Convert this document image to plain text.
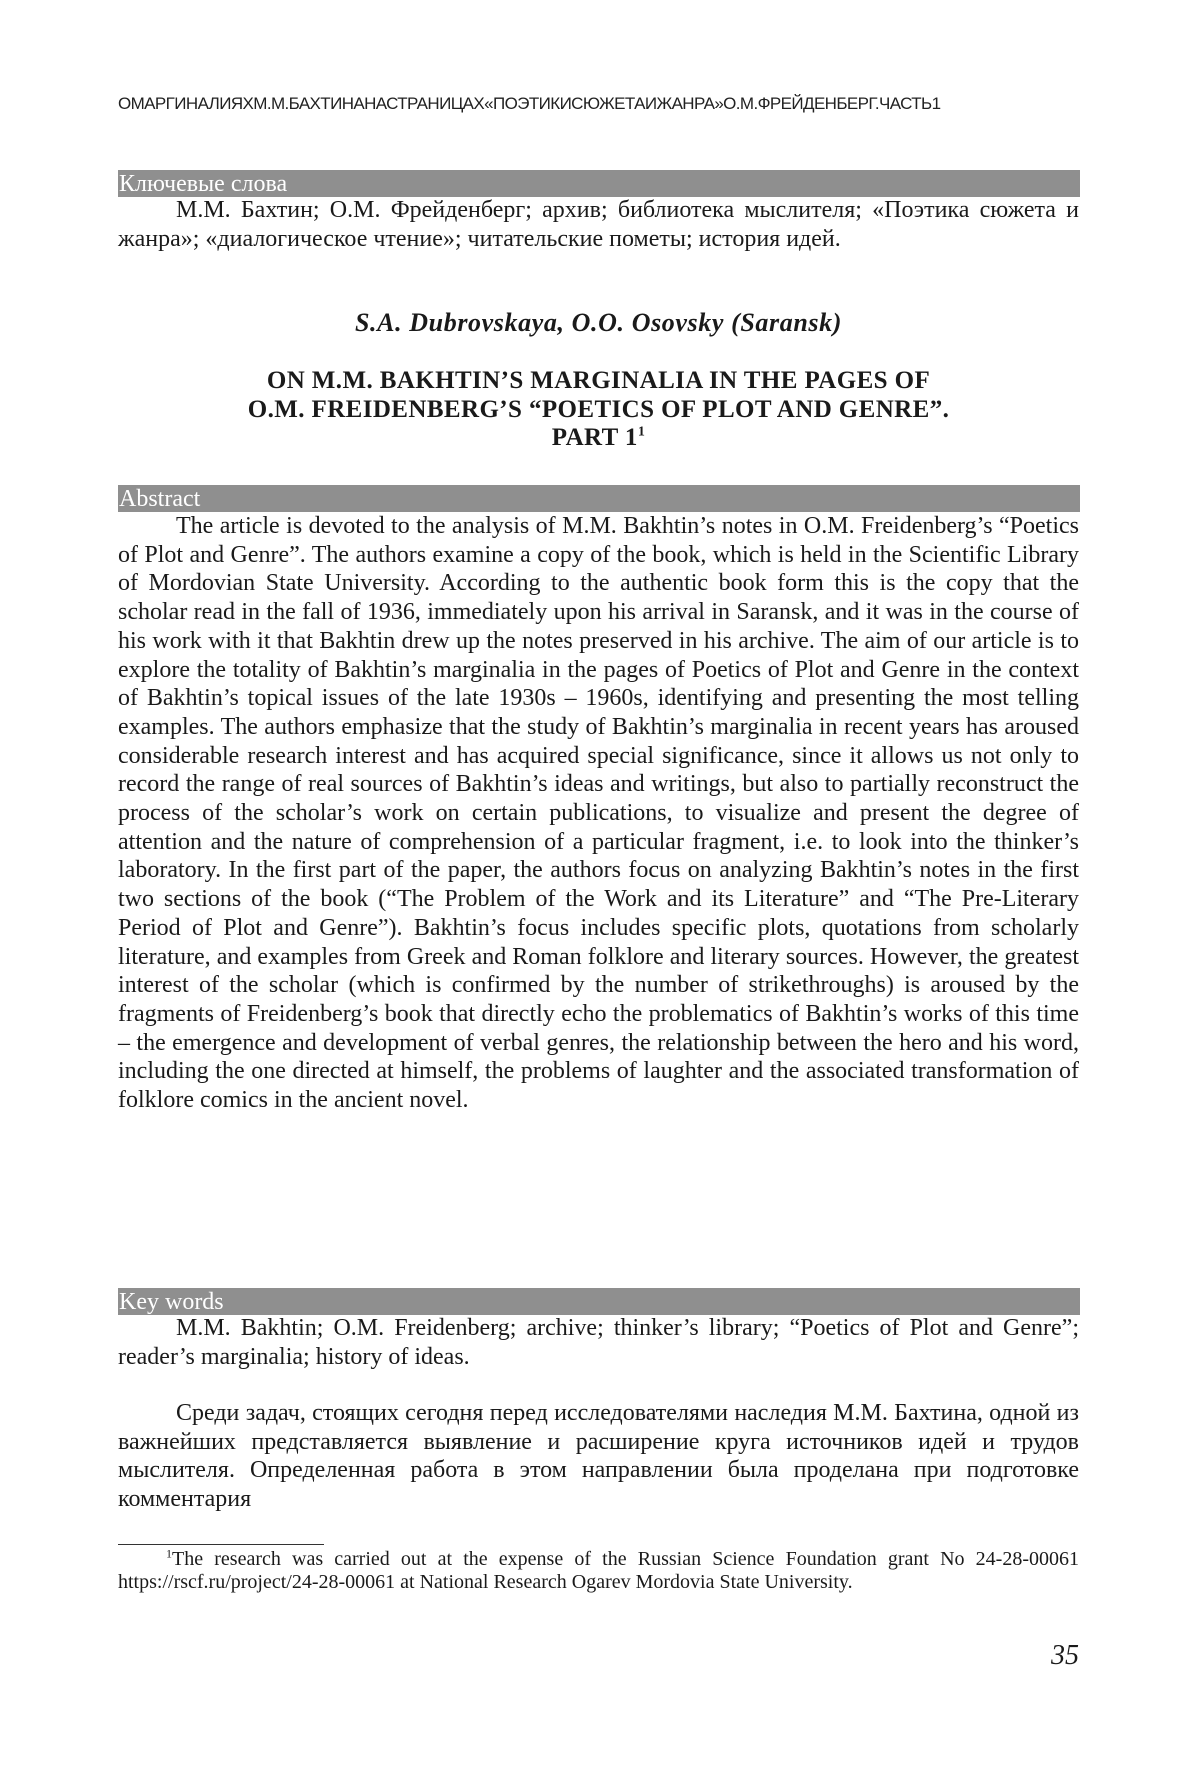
ОМАРГИНАЛИЯХМ.М.БАХТИНАНАСТРАНИЦАХ«ПОЭТИКИСЮЖЕТАИЖАНРА»О.М.ФРЕЙДЕНБЕРГ.ЧАСТЬ1
Ключевые слова

М.М. Бахтин; О.М. Фрейденберг; архив; библиотека мыслителя; «Поэтика сюжета и жанра»; «диалогическое чтение»; читательские пометы; история идей.

S.A. Dubrovskaya, O.O. Osovsky (Saransk)
ON M.M. BAKHTIN’S MARGINALIA IN THE PAGES OF
O.M. FREIDENBERG’S “POETICS OF PLOT AND GENRE”.
PART $1^1$
Abstract

The article is devoted to the analysis of M.M. Bakhtin’s notes in O.M. Freidenberg’s “Poetics of Plot and Genre”. The authors examine a copy of the book, which is held in the Scientific Library of Mordovian State University. According to the authentic book form this is the copy that the scholar read in the fall of 1936, immediately upon his arrival in Saransk, and it was in the course of his work with it that Bakhtin drew up the notes preserved in his archive. The aim of our article is to explore the totality of Bakhtin’s marginalia in the pages of Poetics of Plot and Genre in the context of Bakhtin’s topical issues of the late 1930s – 1960s, identifying and presenting the most telling examples. The authors emphasize that the study of Bakhtin’s marginalia in recent years has aroused considerable research interest and has acquired special significance, since it allows us not only to record the range of real sources of Bakhtin’s ideas and writings, but also to partially reconstruct the process of the scholar’s work on certain publications, to visualize and present the degree of attention and the nature of comprehension of a particular fragment, i.e. to look into the thinker’s laboratory. In the first part of the paper, the authors focus on analyzing Bakhtin’s notes in the first two sections of the book (“The Problem of the Work and its Literature” and “The Pre-Literary Period of Plot and Genre”). Bakhtin’s focus includes specific plots, quotations from scholarly literature, and examples from Greek and Roman folklore and literary sources. However, the greatest interest of the scholar (which is confirmed by the number of strikethroughs) is aroused by the fragments of Freidenberg’s book that directly echo the problematics of Bakhtin’s works of this time – the emergence and development of verbal genres, the relationship between the hero and his word, including the one directed at himself, the problems of laughter and the associated transformation of folklore comics in the ancient novel.

Key words

M.M. Bakhtin; O.M. Freidenberg; archive; thinker’s library; “Poetics of Plot and Genre”; reader’s marginalia; history of ideas.

Среди задач, стоящих сегодня перед исследователями наследия М.М. Бахтина, одной из важнейших представляется выявление и расширение круга источников идей и трудов мыслителя. Определенная работа в этом направлении была проделана при подготовке комментария

$^1$The research was carried out at the expense of the Russian Science Foundation grant No 24-28-00061 https://rscf.ru/project/24-28-00061 at National Research Ogarev Mordovia State University.

35
